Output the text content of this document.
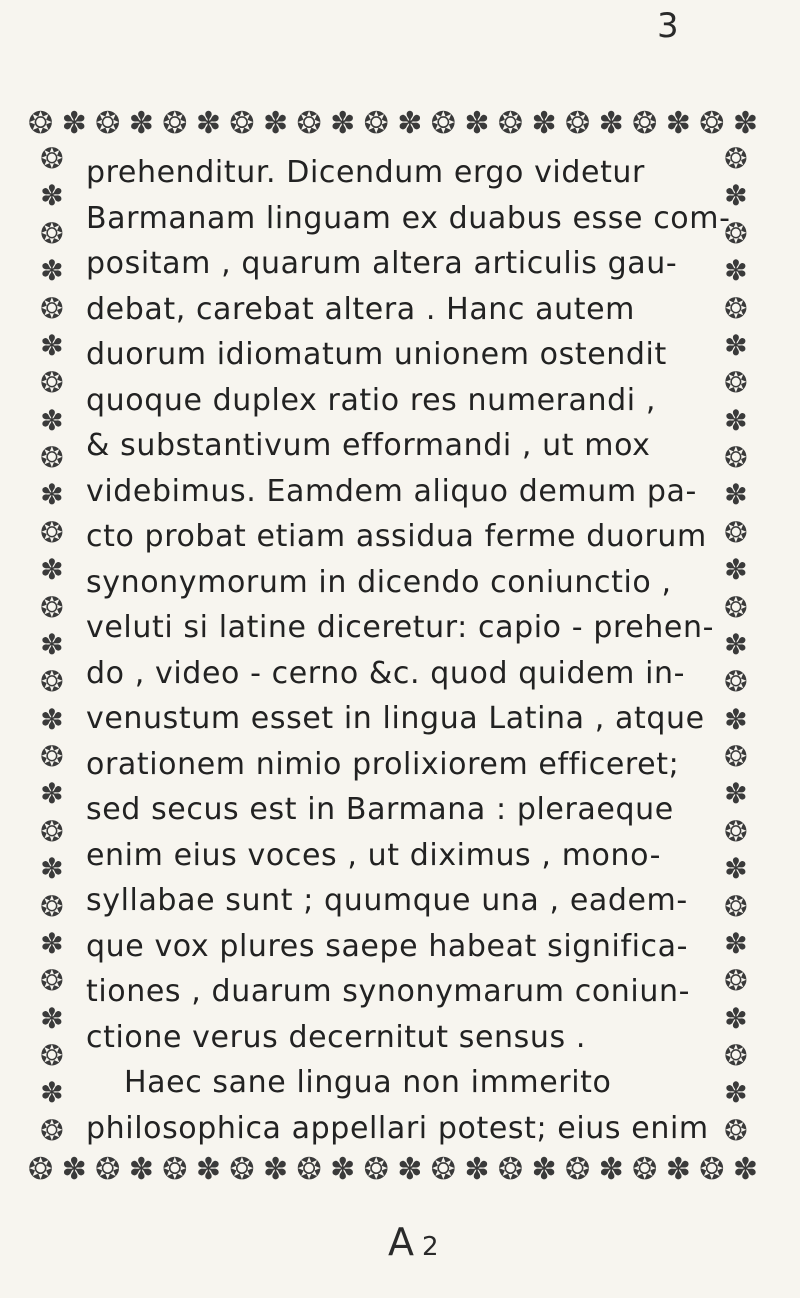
3
❂ ✽ ❂ ✽ ❂ ✽ ❂ ✽ ❂ ✽ ❂ ✽ ❂ ✽ ❂ ✽ ❂ ✽ ❂ ✽ ❂ ✽
❂
✽
❂
✽
❂
✽
❂
✽
❂
✽
❂
✽
❂
✽
❂
✽
❂
✽
❂
✽
❂
✽
❂
✽
❂
✽
❂
❂
✽
❂
✽
❂
✽
❂
✽
❂
✽
❂
✽
❂
✽
❂
✽
❂
✽
❂
✽
❂
✽
❂
✽
❂
✽
❂
❂ ✽ ❂ ✽ ❂ ✽ ❂ ✽ ❂ ✽ ❂ ✽ ❂ ✽ ❂ ✽ ❂ ✽ ❂ ✽ ❂ ✽
prehenditur. Dicendum ergo videtur
Barmanam linguam ex duabus esse com-
positam , quarum altera articulis gau-
debat, carebat altera . Hanc autem
duorum idiomatum unionem ostendit
quoque duplex ratio res numerandi ,
& substantivum efformandi , ut mox
videbimus. Eamdem aliquo demum pa-
cto probat etiam assidua ferme duorum
synonymorum in dicendo coniunctio ,
veluti si latine diceretur: capio - prehen-
do , video - cerno &c. quod quidem in-
venustum esset in lingua Latina , atque
orationem nimio prolixiorem efficeret;
sed secus est in Barmana : pleraeque
enim eius voces , ut diximus , mono-
syllabae sunt ; quumque una , eadem-
que vox plures saepe habeat significa-
tiones , duarum synonymarum coniun-
ctione verus decernitut sensus .
Haec sane lingua non immerito
philosophica appellari potest; eius enim
A 2
